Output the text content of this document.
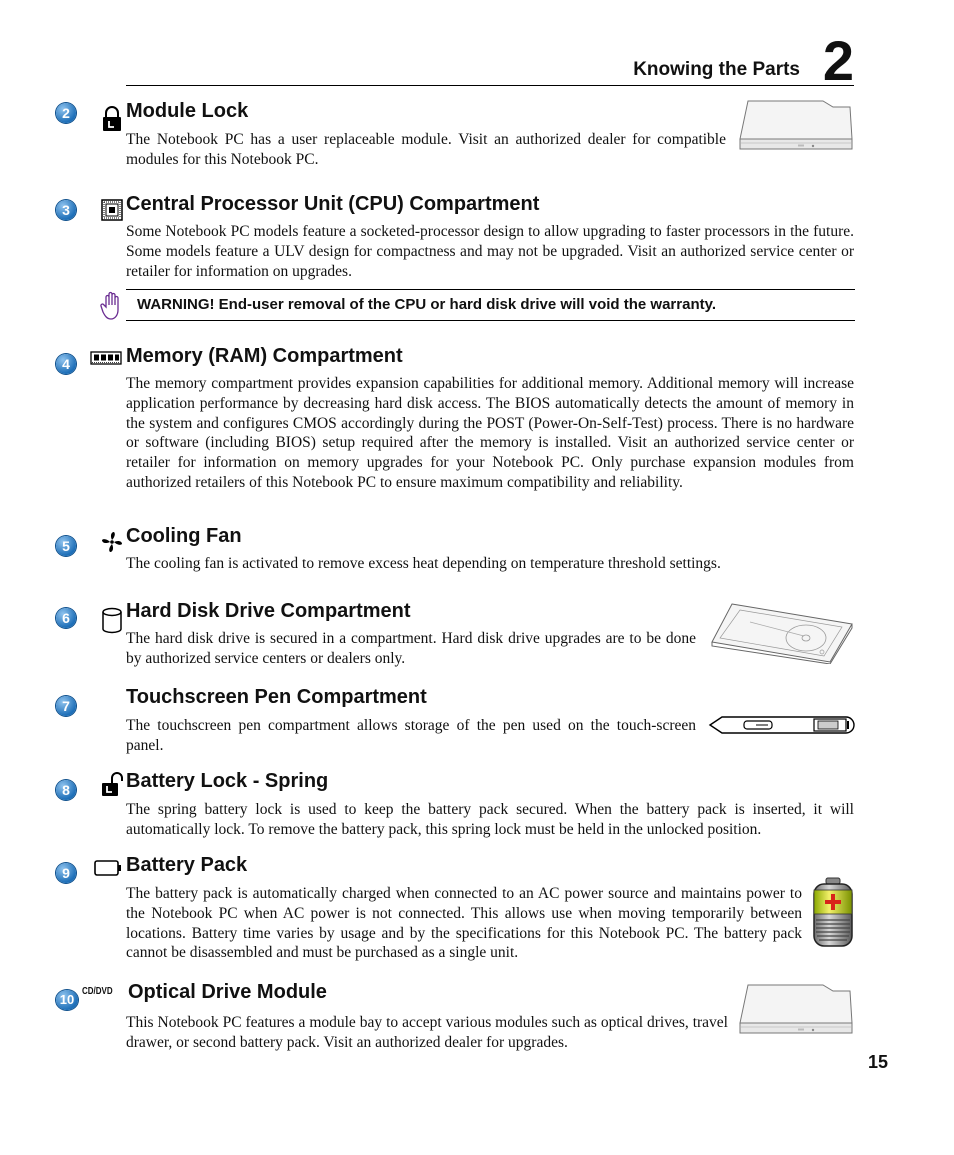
Knowing the Parts 2
2	Module Lock

The Notebook PC has a user replaceable module. Visit an authorized dealer for compatible modules for this Notebook PC.

3	Central Processor Unit (CPU) Compartment

Some Notebook PC models feature a socketed-processor design to allow upgrading to faster processors in the future. Some models feature a ULV design for compactness and may not be upgraded. Visit an authorized service center or retailer for information on upgrades.

WARNING! End-user removal of the CPU or hard disk drive will void the warranty.
4	Memory (RAM) Compartment

The memory compartment provides expansion capabilities for additional memory. Additional memory will increase application performance by decreasing hard disk access. The BIOS automatically detects the amount of memory in the system and configures CMOS accordingly during the POST (Power-On-Self-Test) process. There is no hardware or software (including BIOS) setup required after the memory is installed. Visit an authorized service center or retailer for information on memory upgrades for your Notebook PC. Only purchase expansion modules from authorized retailers of this Notebook PC to ensure maximum compatibility and reliability.

5	Cooling Fan

The cooling fan is activated to remove excess heat depending on temperature threshold settings.

6	Hard Disk Drive Compartment

The hard disk drive is secured in a compartment. Hard disk drive upgrades are to be done by authorized service centers or dealers only.

7	Touchscreen Pen Compartment

The touchscreen pen compartment allows storage of the pen used on the touch-screen panel.

8	Battery Lock - Spring

The spring battery lock is used to keep the battery pack secured. When the battery pack is inserted, it will automatically lock. To remove the battery pack, this spring lock must be held in the unlocked position.

9	Battery Pack

The battery pack is automatically charged when connected to an AC power source and maintains power to the Notebook PC when AC power is not connected. This allows use when moving temporarily between locations. Battery time varies by usage and by the specifications for this Notebook PC. The battery pack cannot be disassembled and must be purchased as a single unit.

10
CD/DVD Optical Drive Module

This Notebook PC features a module bay to accept various modules such as optical drives, travel drawer, or second battery pack. Visit an authorized dealer for upgrades.

15
